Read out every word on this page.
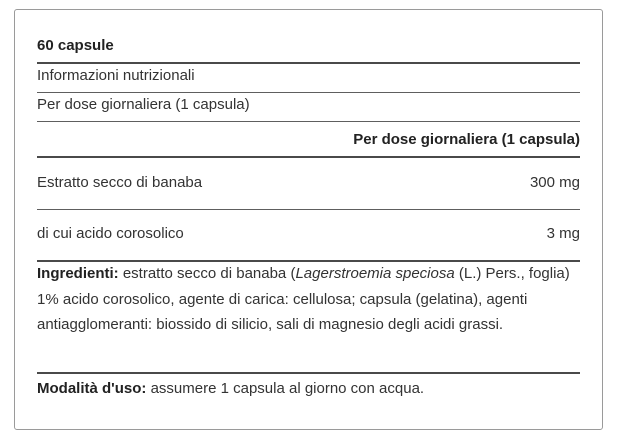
60 capsule
Informazioni nutrizionali
Per dose giornaliera (1 capsula)
Per dose giornaliera (1 capsula)
Estratto secco di banaba	300 mg
di cui acido corosolico	3 mg
Ingredienti: estratto secco di banaba (Lagerstroemia speciosa (L.) Pers., foglia) 1% acido corosolico, agente di carica: cellulosa; capsula (gelatina), agenti antiagglomeranti: biossido di silicio, sali di magnesio degli acidi grassi.
Modalità d'uso: assumere 1 capsula al giorno con acqua.
